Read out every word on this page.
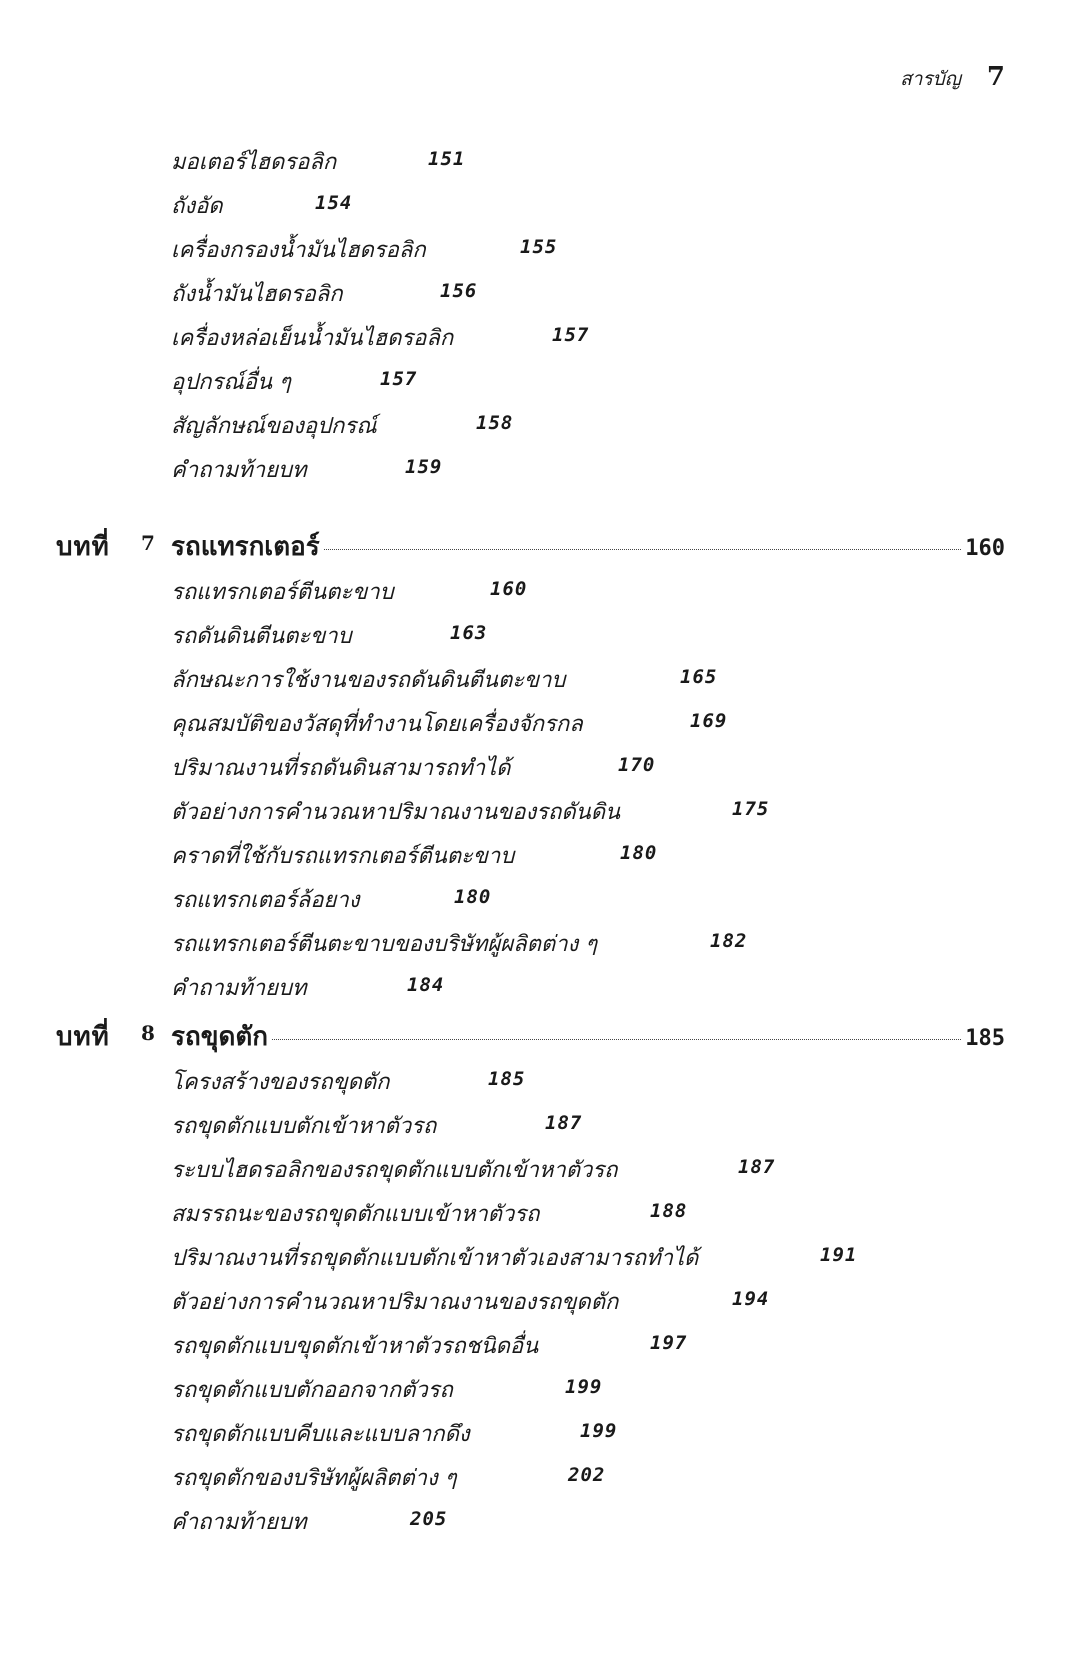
สารบัญ 7
มอเตอร์ไฮดรอลิก	151
ถังอัด	154
เครื่องกรองน้ำมันไฮดรอลิก	155
ถังน้ำมันไฮดรอลิก	156
เครื่องหล่อเย็นน้ำมันไฮดรอลิก	157
อุปกรณ์อื่น ๆ	157
สัญลักษณ์ของอุปกรณ์	158
คำถามท้ายบท	159
บทที่ 7 รถแทรกเตอร์	160
รถแทรกเตอร์ตีนตะขาบ	160
รถดันดินตีนตะขาบ	163
ลักษณะการใช้งานของรถดันดินตีนตะขาบ	165
คุณสมบัติของวัสดุที่ทำงานโดยเครื่องจักรกล	169
ปริมาณงานที่รถดันดินสามารถทำได้	170
ตัวอย่างการคำนวณหาปริมาณงานของรถดันดิน	175
คราดที่ใช้กับรถแทรกเตอร์ตีนตะขาบ	180
รถแทรกเตอร์ล้อยาง	180
รถแทรกเตอร์ตีนตะขาบของบริษัทผู้ผลิตต่าง ๆ	182
คำถามท้ายบท	184
บทที่ 8 รถขุดตัก	185
โครงสร้างของรถขุดตัก	185
รถขุดตักแบบตักเข้าหาตัวรถ	187
ระบบไฮดรอลิกของรถขุดตักแบบตักเข้าหาตัวรถ	187
สมรรถนะของรถขุดตักแบบเข้าหาตัวรถ	188
ปริมาณงานที่รถขุดตักแบบตักเข้าหาตัวเองสามารถทำได้	191
ตัวอย่างการคำนวณหาปริมาณงานของรถขุดตัก	194
รถขุดตักแบบขุดตักเข้าหาตัวรถชนิดอื่น	197
รถขุดตักแบบตักออกจากตัวรถ	199
รถขุดตักแบบคีบและแบบลากดึง	199
รถขุดตักของบริษัทผู้ผลิตต่าง ๆ	202
คำถามท้ายบท	205
